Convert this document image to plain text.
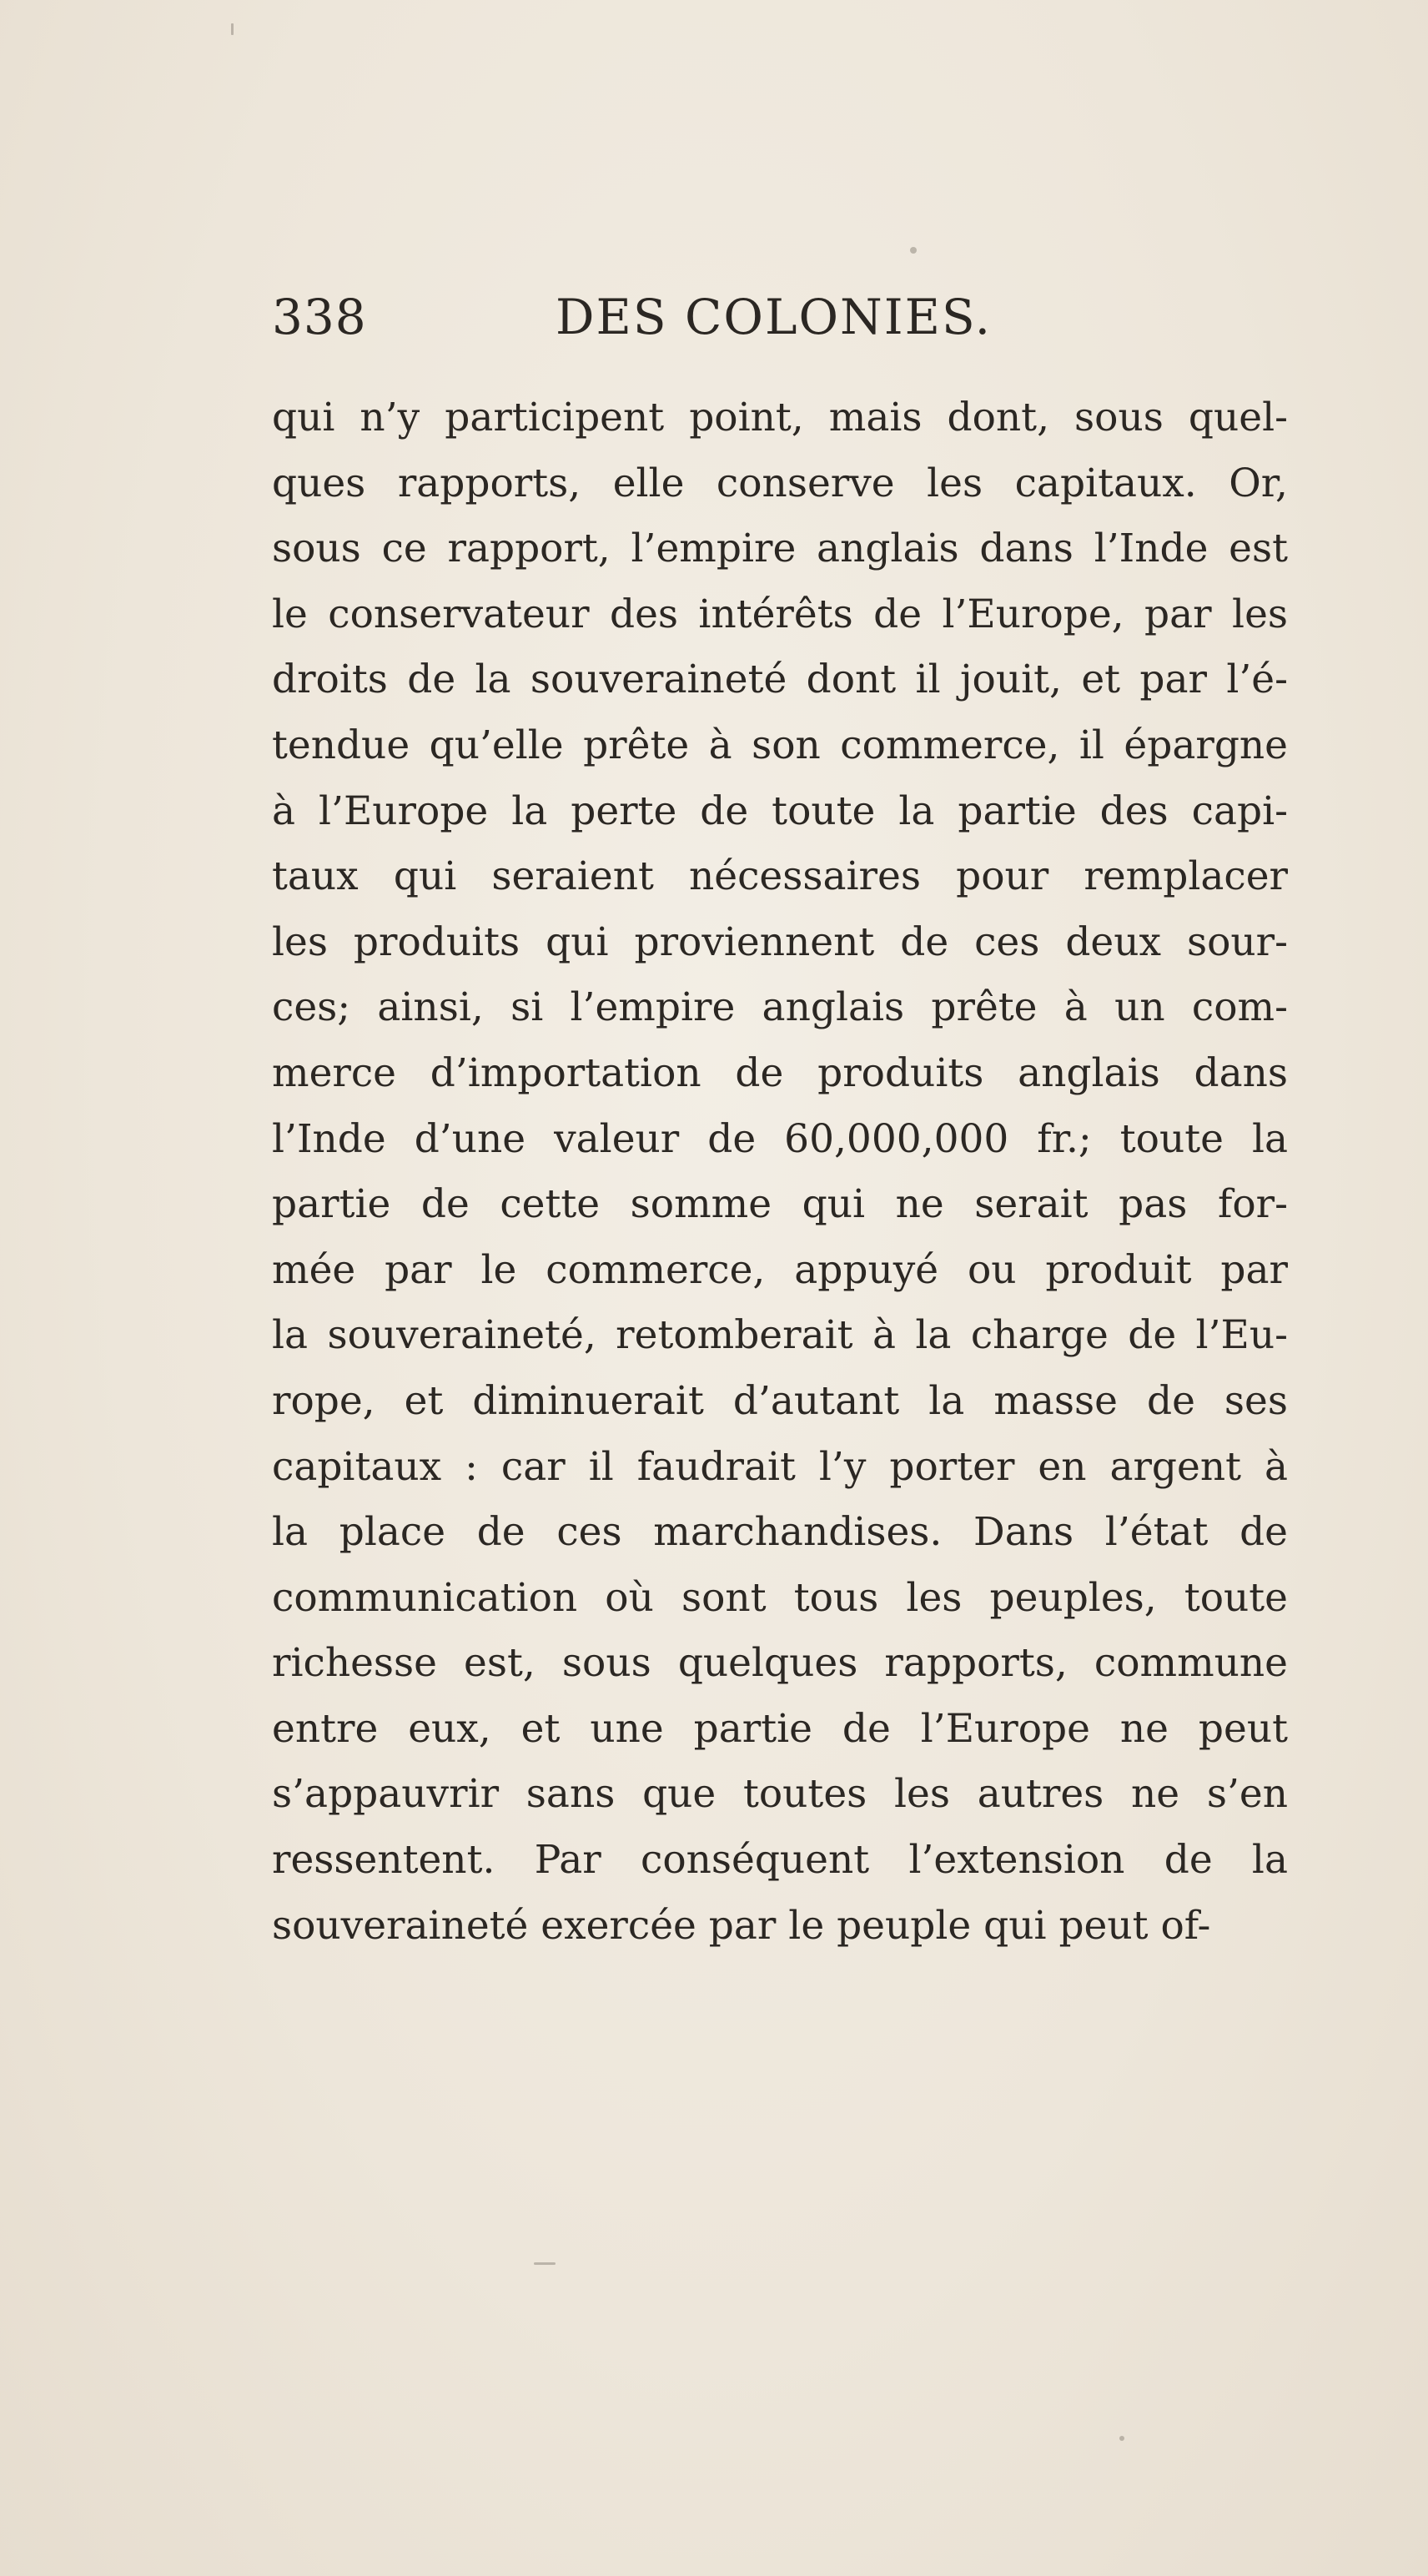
338	DES COLONIES.
qui n’y participent point, mais dont, sous quel-
ques rapports, elle conserve les capitaux. Or,
sous ce rapport, l’empire anglais dans l’Inde est
le conservateur des intérêts de l’Europe, par les
droits de la souveraineté dont il jouit, et par l’é-
tendue qu’elle prête à son commerce, il épargne
à l’Europe la perte de toute la partie des capi-
taux qui seraient nécessaires pour remplacer
les produits qui proviennent de ces deux sour-
ces; ainsi, si l’empire anglais prête à un com-
merce d’importation de produits anglais dans
l’Inde d’une valeur de 60,000,000 fr.; toute la
partie de cette somme qui ne serait pas for-
mée par le commerce, appuyé ou produit par
la souveraineté, retomberait à la charge de l’Eu-
rope, et diminuerait d’autant la masse de ses
capitaux : car il faudrait l’y porter en argent à
la place de ces marchandises. Dans l’état de
communication où sont tous les peuples, toute
richesse est, sous quelques rapports, commune
entre eux, et une partie de l’Europe ne peut
s’appauvrir sans que toutes les autres ne s’en
ressentent. Par conséquent l’extension de la
souveraineté exercée par le peuple qui peut of-
